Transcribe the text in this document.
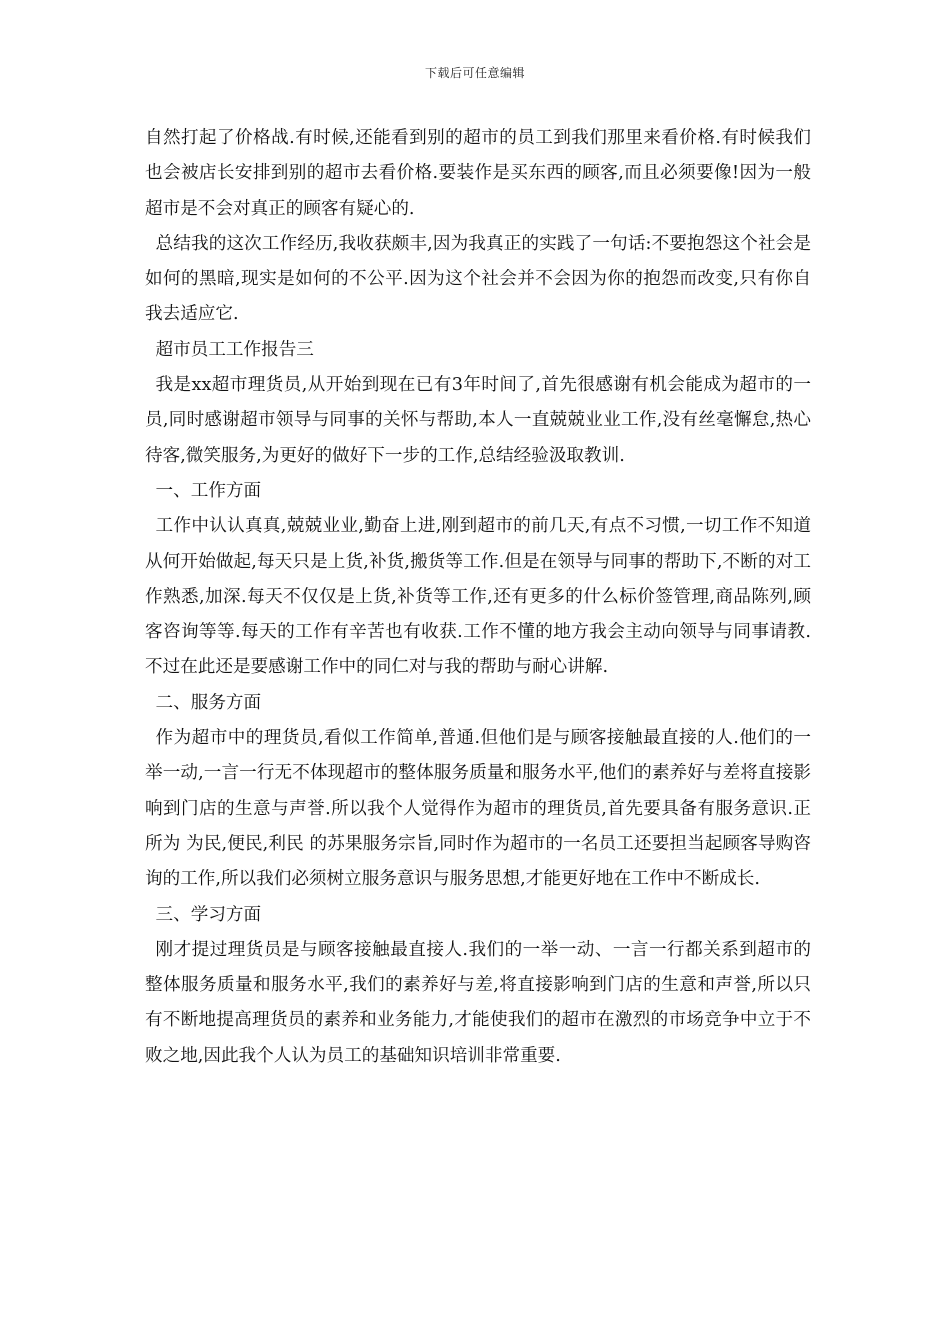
下载后可任意编辑

自然打起了价格战.有时候,还能看到别的超市的员工到我们那里来看价格.有时候我们也会被店长安排到别的超市去看价格.要装作是买东西的顾客,而且必须要像!因为一般超市是不会对真正的顾客有疑心的.

总结我的这次工作经历,我收获颇丰,因为我真正的实践了一句话:不要抱怨这个社会是如何的黑暗,现实是如何的不公平.因为这个社会并不会因为你的抱怨而改变,只有你自我去适应它.

超市员工工作报告三

我是xx超市理货员,从开始到现在已有3年时间了,首先很感谢有机会能成为超市的一员,同时感谢超市领导与同事的关怀与帮助,本人一直兢兢业业工作,没有丝毫懈怠,热心待客,微笑服务,为更好的做好下一步的工作,总结经验汲取教训.

一、工作方面

工作中认认真真,兢兢业业,勤奋上进,刚到超市的前几天,有点不习惯,一切工作不知道从何开始做起,每天只是上货,补货,搬货等工作.但是在领导与同事的帮助下,不断的对工作熟悉,加深.每天不仅仅是上货,补货等工作,还有更多的什么标价签管理,商品陈列,顾客咨询等等.每天的工作有辛苦也有收获.工作不懂的地方我会主动向领导与同事请教.不过在此还是要感谢工作中的同仁对与我的帮助与耐心讲解.

二、服务方面

作为超市中的理货员,看似工作简单,普通.但他们是与顾客接触最直接的人.他们的一举一动,一言一行无不体现超市的整体服务质量和服务水平,他们的素养好与差将直接影响到门店的生意与声誉.所以我个人觉得作为超市的理货员,首先要具备有服务意识.正所为 为民,便民,利民 的苏果服务宗旨,同时作为超市的一名员工还要担当起顾客导购咨询的工作,所以我们必须树立服务意识与服务思想,才能更好地在工作中不断成长.

三、学习方面

刚才提过理货员是与顾客接触最直接人.我们的一举一动、一言一行都关系到超市的整体服务质量和服务水平,我们的素养好与差,将直接影响到门店的生意和声誉,所以只有不断地提高理货员的素养和业务能力,才能使我们的超市在激烈的市场竞争中立于不败之地,因此我个人认为员工的基础知识培训非常重要.
